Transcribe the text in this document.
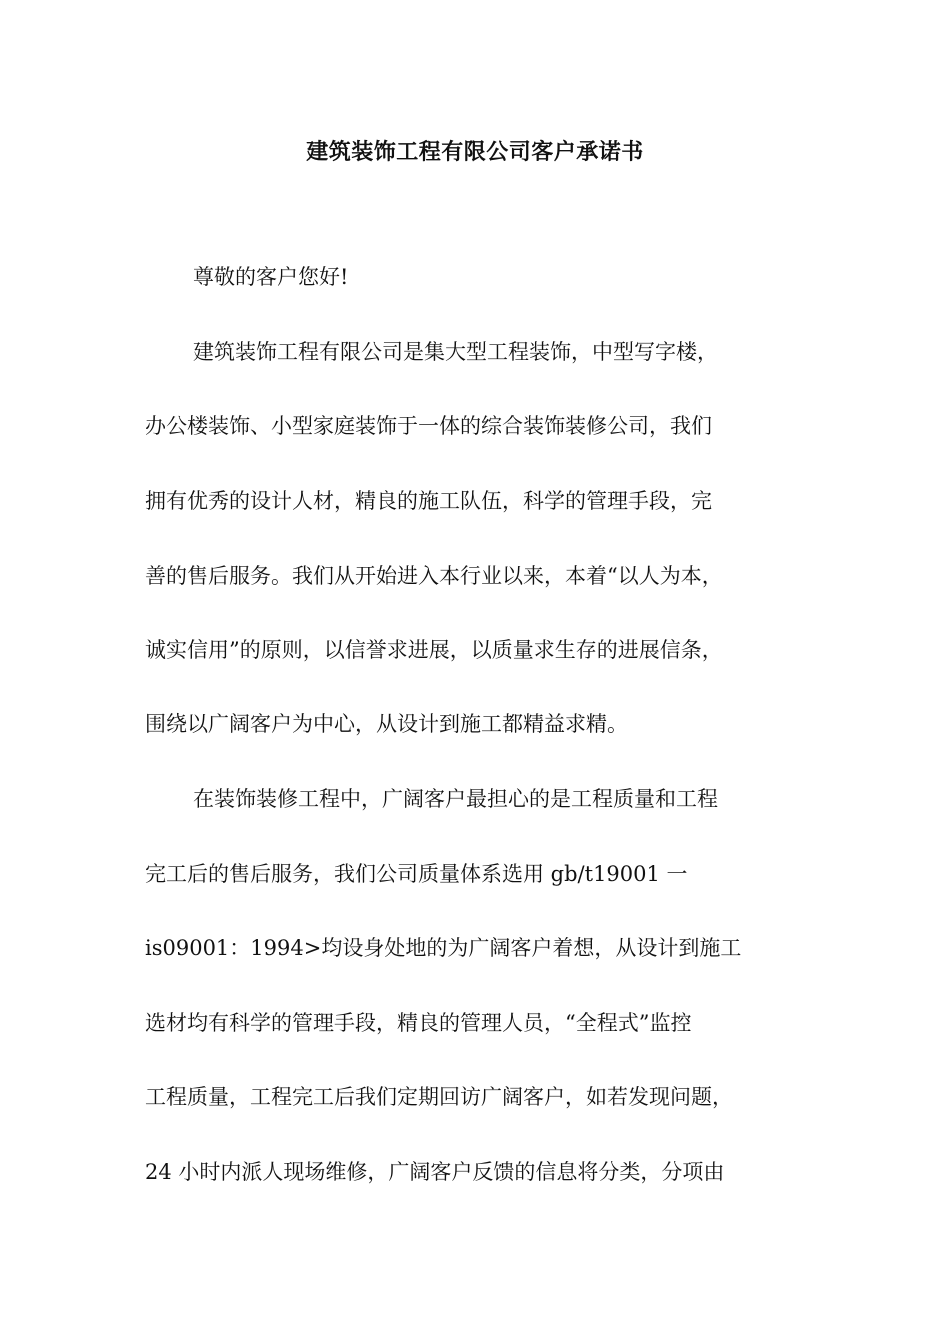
建筑装饰工程有限公司客户承诺书
尊敬的客户您好!
建筑装饰工程有限公司是集大型工程装饰，中型写字楼，
办公楼装饰、小型家庭装饰于一体的综合装饰装修公司，我们
拥有优秀的设计人材，精良的施工队伍，科学的管理手段，完
善的售后服务。我们从开始进入本行业以来，本着“以人为本，
诚实信用”的原则，以信誉求进展，以质量求生存的进展信条，
围绕以广阔客户为中心，从设计到施工都精益求精。
在装饰装修工程中，广阔客户最担心的是工程质量和工程
完工后的售后服务，我们公司质量体系选用 gb/t19001 一
is09001：1994>均设身处地的为广阔客户着想，从设计到施工
选材均有科学的管理手段，精良的管理人员，“全程式”监控
工程质量，工程完工后我们定期回访广阔客户，如若发现问题，
24 小时内派人现场维修，广阔客户反馈的信息将分类，分项由
